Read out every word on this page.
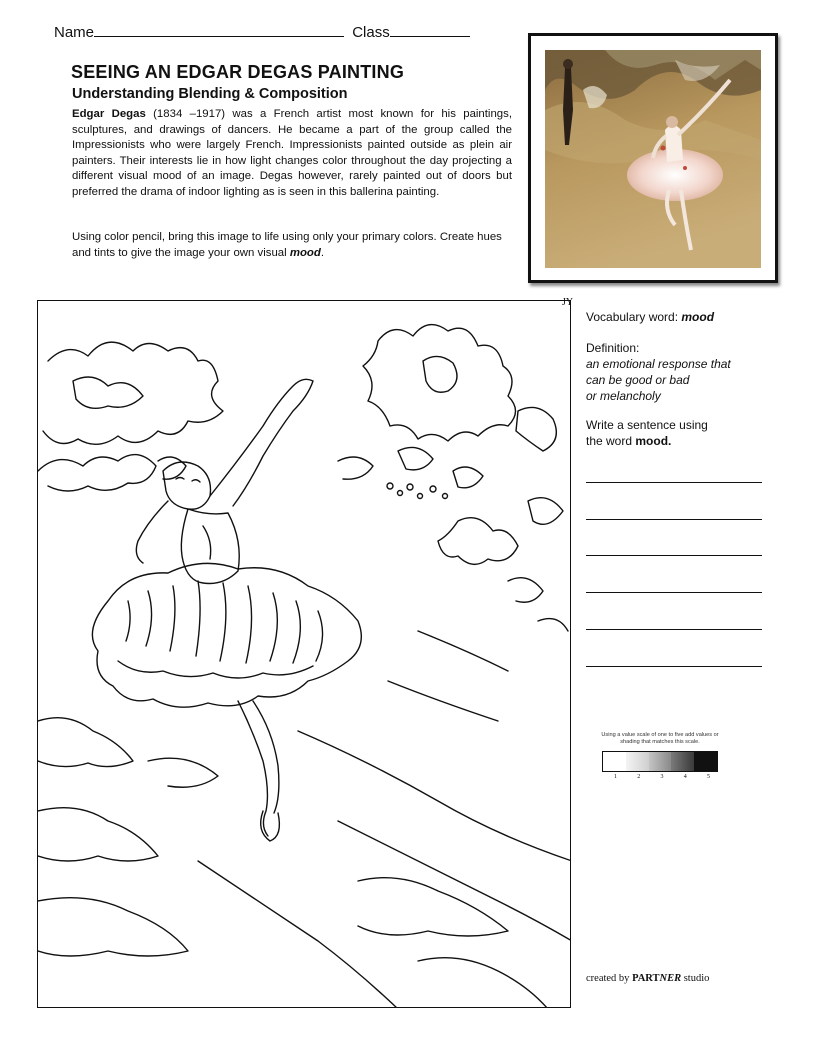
Name	Class
SEEING AN EDGAR DEGAS PAINTING
Understanding Blending & Composition
Edgar Degas (1834 –1917) was a French artist most known for his paintings, sculptures, and drawings of dancers. He became a part of the group called the Impressionists who were largely French. Impressionists painted outside as plein air painters. Their interests lie in how light changes color throughout the day projecting a different visual mood of an image. Degas however, rarely painted out of doors but preferred the drama of indoor lighting as is seen in this ballerina painting.
Using color pencil, bring this image to life using only your primary colors. Create hues and tints to give the image your own visual mood.
JY
Vocabulary word: mood
Definition:
an emotional response that
can be good or bad
or melancholy
Write a sentence using
the word mood.
Using a value scale of one to five add values or shading that matches this scale.
1	2	3	4	5
created by PARTNER studio
